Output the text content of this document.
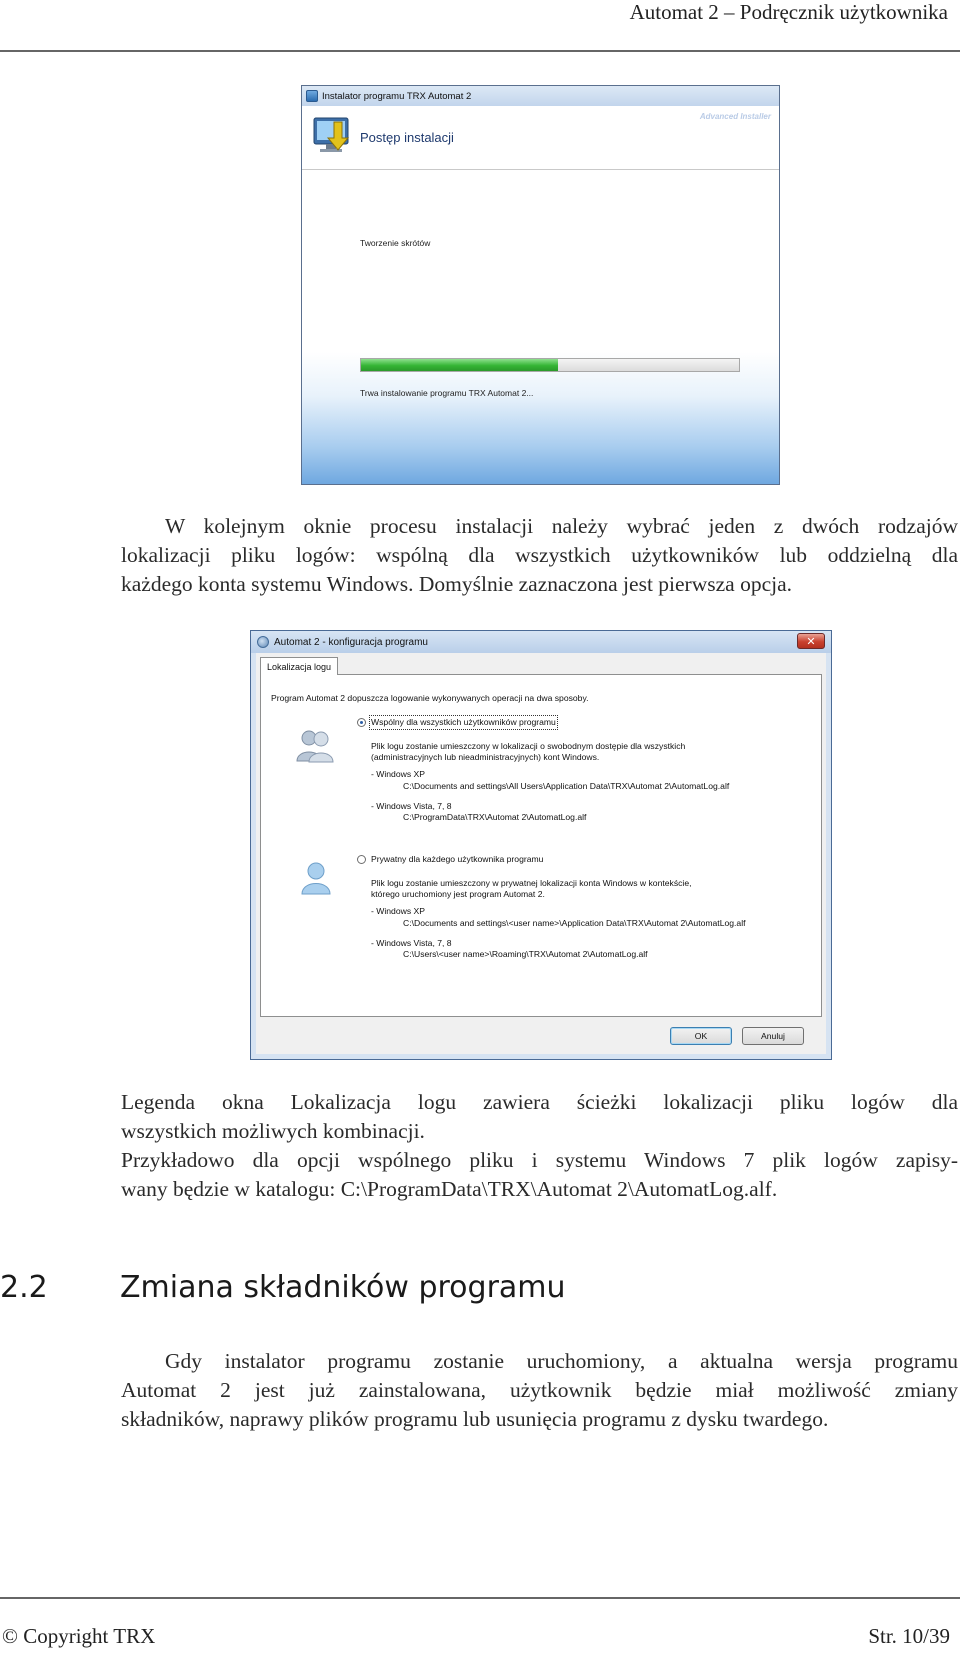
Automat 2 – Podręcznik użytkownika
Instalator programu TRX Automat 2
Postęp instalacji
Advanced Installer
Tworzenie skrótów
Trwa instalowanie programu TRX Automat 2...
W kolejnym oknie procesu instalacji należy wybrać jeden z dwóch rodzajów
lokalizacji pliku logów: wspólną dla wszystkich użytkowników lub oddzielną dla
każdego konta systemu Windows. Domyślnie zaznaczona jest pierwsza opcja.
Automat 2 - konfiguracja programu	✕
Lokalizacja logu
Program Automat 2 dopuszcza logowanie wykonywanych operacji na dwa sposoby.
Wspólny dla wszystkich użytkowników programu
Plik logu zostanie umieszczony w lokalizacji o swobodnym dostępie dla wszystkich
(administracyjnych lub nieadministracyjnych) kont Windows.
- Windows XP
C:\Documents and settings\All Users\Application Data\TRX\Automat 2\AutomatLog.alf
- Windows Vista, 7, 8
C:\ProgramData\TRX\Automat 2\AutomatLog.alf
Prywatny dla każdego użytkownika programu
Plik logu zostanie umieszczony w prywatnej lokalizacji konta Windows w kontekście,
którego uruchomiony jest program Automat 2.
- Windows XP
C:\Documents and settings\<user name>\Application Data\TRX\Automat 2\AutomatLog.alf
- Windows Vista, 7, 8
C:\Users\<user name>\Roaming\TRX\Automat 2\AutomatLog.alf
OK	Anuluj
Legenda okna Lokalizacja logu zawiera ścieżki lokalizacji pliku logów dla
wszystkich możliwych kombinacji.
Przykładowo dla opcji wspólnego pliku i systemu Windows 7 plik logów zapisy-
wany będzie w katalogu: C:\ProgramData\TRX\Automat 2\AutomatLog.alf.
2.2 Zmiana składników programu
Gdy instalator programu zostanie uruchomiony, a aktualna wersja programu
Automat 2 jest już zainstalowana, użytkownik będzie miał możliwość zmiany
składników, naprawy plików programu lub usunięcia programu z dysku twardego.
© Copyright TRX	Str. 10/39
